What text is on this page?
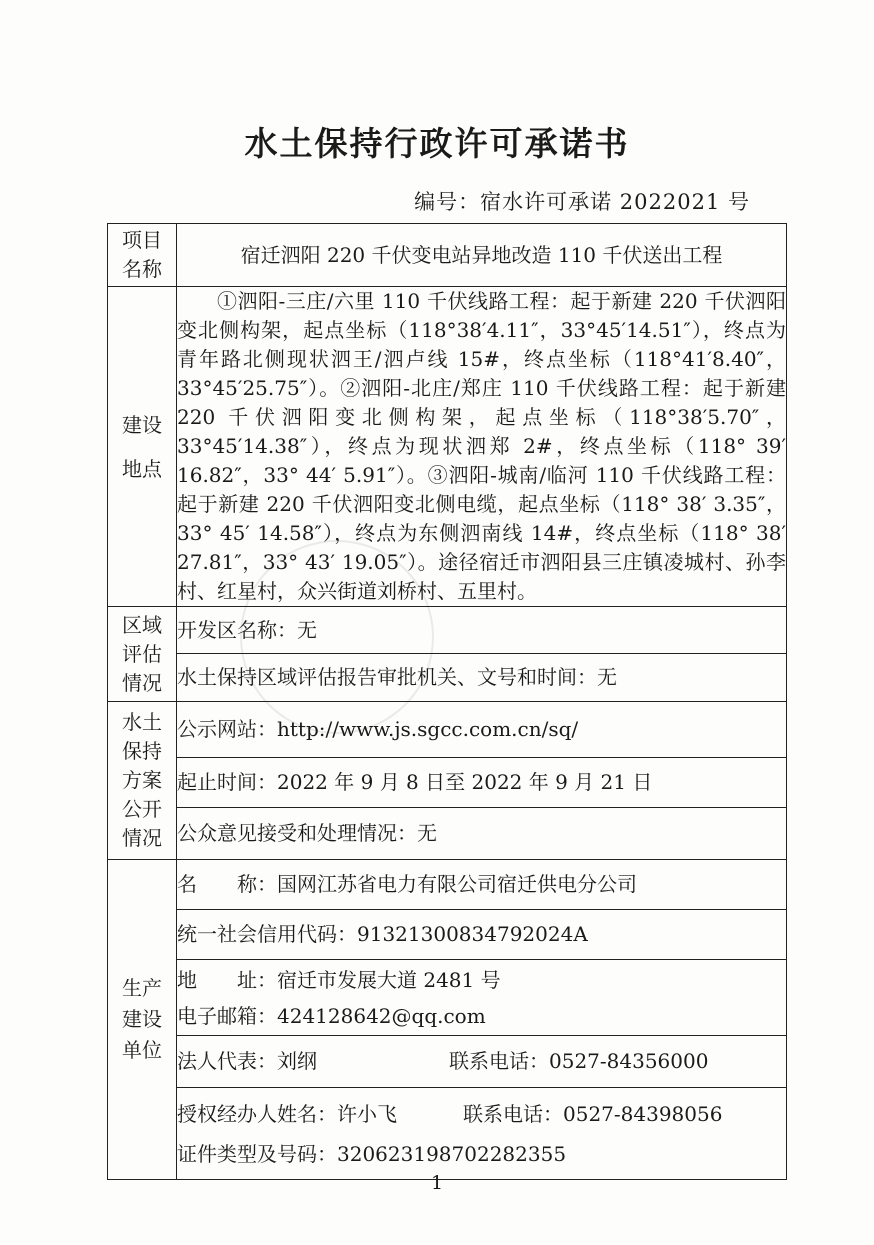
水土保持行政许可承诺书
编号：宿水许可承诺 2022021 号
项目
名称	宿迁泗阳 220 千伏变电站异地改造 110 千伏送出工程
建设
地点	①泗阳-三庄/六里 110 千伏线路工程：起于新建 220 千伏泗阳变北侧构架，起点坐标（118°38′4.11″，33°45′14.51″），终点为青年路北侧现状泗王/泗卢线 15#，终点坐标（118°41′8.40″，33°45′25.75″）。②泗阳-北庄/郑庄 110 千伏线路工程：起于新建 220 千伏泗阳变北侧构架，起点坐标（118°38′5.70″，33°45′14.38″），终点为现状泗郑 2#，终点坐标（118° 39′ 16.82″，33° 44′ 5.91″）。③泗阳-城南/临河 110 千伏线路工程：起于新建 220 千伏泗阳变北侧电缆，起点坐标（118° 38′ 3.35″，33° 45′ 14.58″），终点为东侧泗南线 14#，终点坐标（118° 38′ 27.81″，33° 43′ 19.05″）。途径宿迁市泗阳县三庄镇凌城村、孙李村、红星村，众兴街道刘桥村、五里村。

区域
评估
情况	开发区名称：无
	水土保持区域评估报告审批机关、文号和时间：无
水土
保持
方案
公开
情况	公示网站：http://www.js.sgcc.com.cn/sq/
	起止时间：2022 年 9 月 8 日至 2022 年 9 月 21 日
	公众意见接受和处理情况：无
生产
建设
单位	名　　称：国网江苏省电力有限公司宿迁供电分公司
	统一社会信用代码：91321300834792024A

	地　　址：宿迁市发展大道 2481 号
电子邮箱：424128642@qq.com

	法人代表：刘纲 联系电话：0527-84356000

	授权经办人姓名：许小飞 联系电话：0527-84398056
证件类型及号码：320623198702282355
1
